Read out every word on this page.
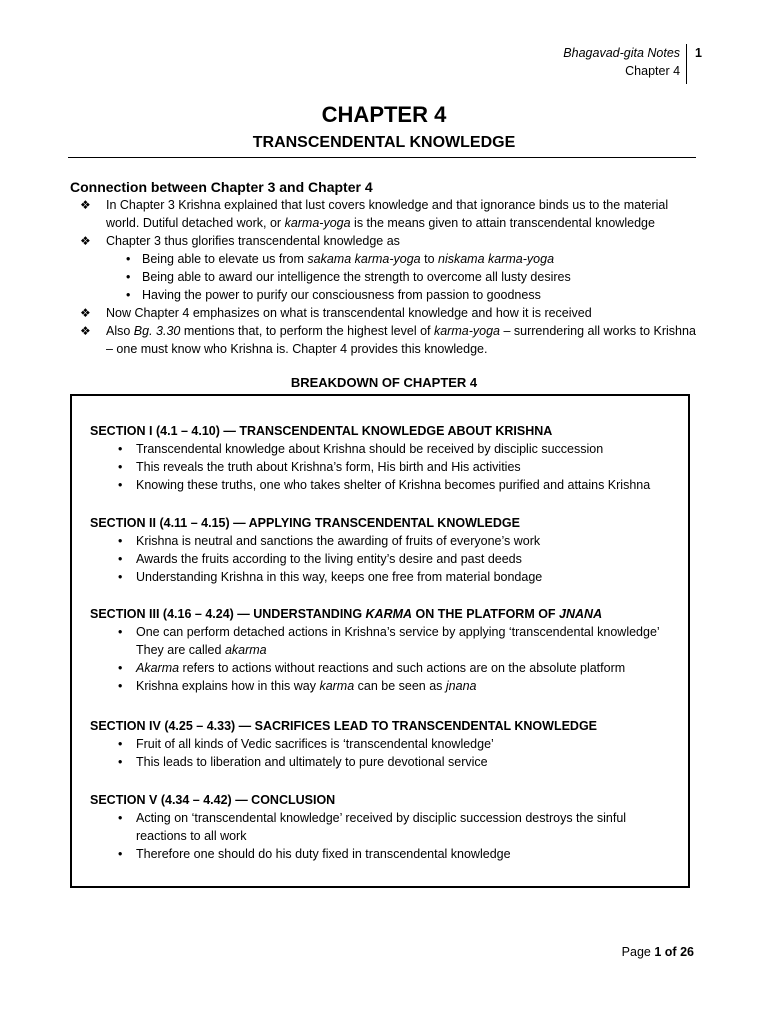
Bhagavad-gita Notes
Chapter 4
1
CHAPTER 4
TRANSCENDENTAL KNOWLEDGE
Connection between Chapter 3 and Chapter 4
❖ In Chapter 3 Krishna explained that lust covers knowledge and that ignorance binds us to the material world. Dutiful detached work, or karma-yoga is the means given to attain transcendental knowledge
❖ Chapter 3 thus glorifies transcendental knowledge as
• Being able to elevate us from sakama karma-yoga to niskama karma-yoga
• Being able to award our intelligence the strength to overcome all lusty desires
• Having the power to purify our consciousness from passion to goodness
❖ Now Chapter 4 emphasizes on what is transcendental knowledge and how it is received
❖ Also Bg. 3.30 mentions that, to perform the highest level of karma-yoga – surrendering all works to Krishna – one must know who Krishna is. Chapter 4 provides this knowledge.
BREAKDOWN OF CHAPTER 4
SECTION I (4.1 – 4.10) — TRANSCENDENTAL KNOWLEDGE ABOUT KRISHNA
• Transcendental knowledge about Krishna should be received by disciplic succession
• This reveals the truth about Krishna’s form, His birth and His activities
• Knowing these truths, one who takes shelter of Krishna becomes purified and attains Krishna
SECTION II (4.11 – 4.15) — APPLYING TRANSCENDENTAL KNOWLEDGE
• Krishna is neutral and sanctions the awarding of fruits of everyone’s work
• Awards the fruits according to the living entity’s desire and past deeds
• Understanding Krishna in this way, keeps one free from material bondage
SECTION III (4.16 – 4.24) — UNDERSTANDING KARMA ON THE PLATFORM OF JNANA
• One can perform detached actions in Krishna’s service by applying ‘transcendental knowledge’ They are called akarma
• Akarma refers to actions without reactions and such actions are on the absolute platform
• Krishna explains how in this way karma can be seen as jnana
SECTION IV (4.25 – 4.33) — SACRIFICES LEAD TO TRANSCENDENTAL KNOWLEDGE
• Fruit of all kinds of Vedic sacrifices is ‘transcendental knowledge’
• This leads to liberation and ultimately to pure devotional service
SECTION V (4.34 – 4.42) — CONCLUSION
• Acting on ‘transcendental knowledge’ received by disciplic succession destroys the sinful reactions to all work
• Therefore one should do his duty fixed in transcendental knowledge
Page 1 of 26
